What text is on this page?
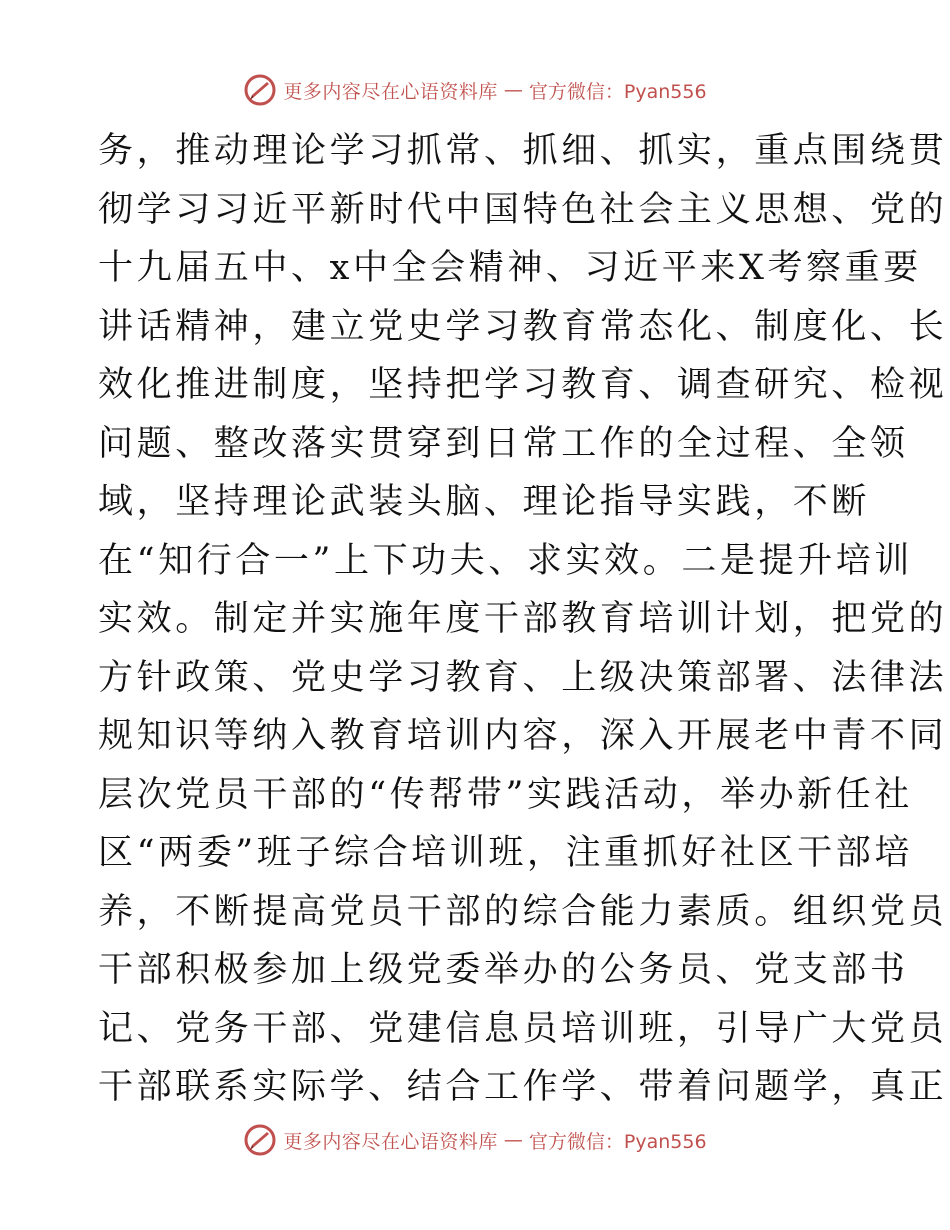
更多内容尽在心语资料库 — 官方微信：Pyan556
务，推动理论学习抓常、抓细、抓实，重点围绕贯
彻学习习近平新时代中国特色社会主义思想、党的
十九届五中、x中全会精神、习近平来X考察重要
讲话精神，建立党史学习教育常态化、制度化、长
效化推进制度，坚持把学习教育、调查研究、检视
问题、整改落实贯穿到日常工作的全过程、全领
域，坚持理论武装头脑、理论指导实践，不断
在“知行合一”上下功夫、求实效。二是提升培训
实效。制定并实施年度干部教育培训计划，把党的
方针政策、党史学习教育、上级决策部署、法律法
规知识等纳入教育培训内容，深入开展老中青不同
层次党员干部的“传帮带”实践活动，举办新任社
区“两委”班子综合培训班，注重抓好社区干部培
养，不断提高党员干部的综合能力素质。组织党员
干部积极参加上级党委举办的公务员、党支部书
记、党务干部、党建信息员培训班，引导广大党员
干部联系实际学、结合工作学、带着问题学，真正
更多内容尽在心语资料库 — 官方微信：Pyan556
